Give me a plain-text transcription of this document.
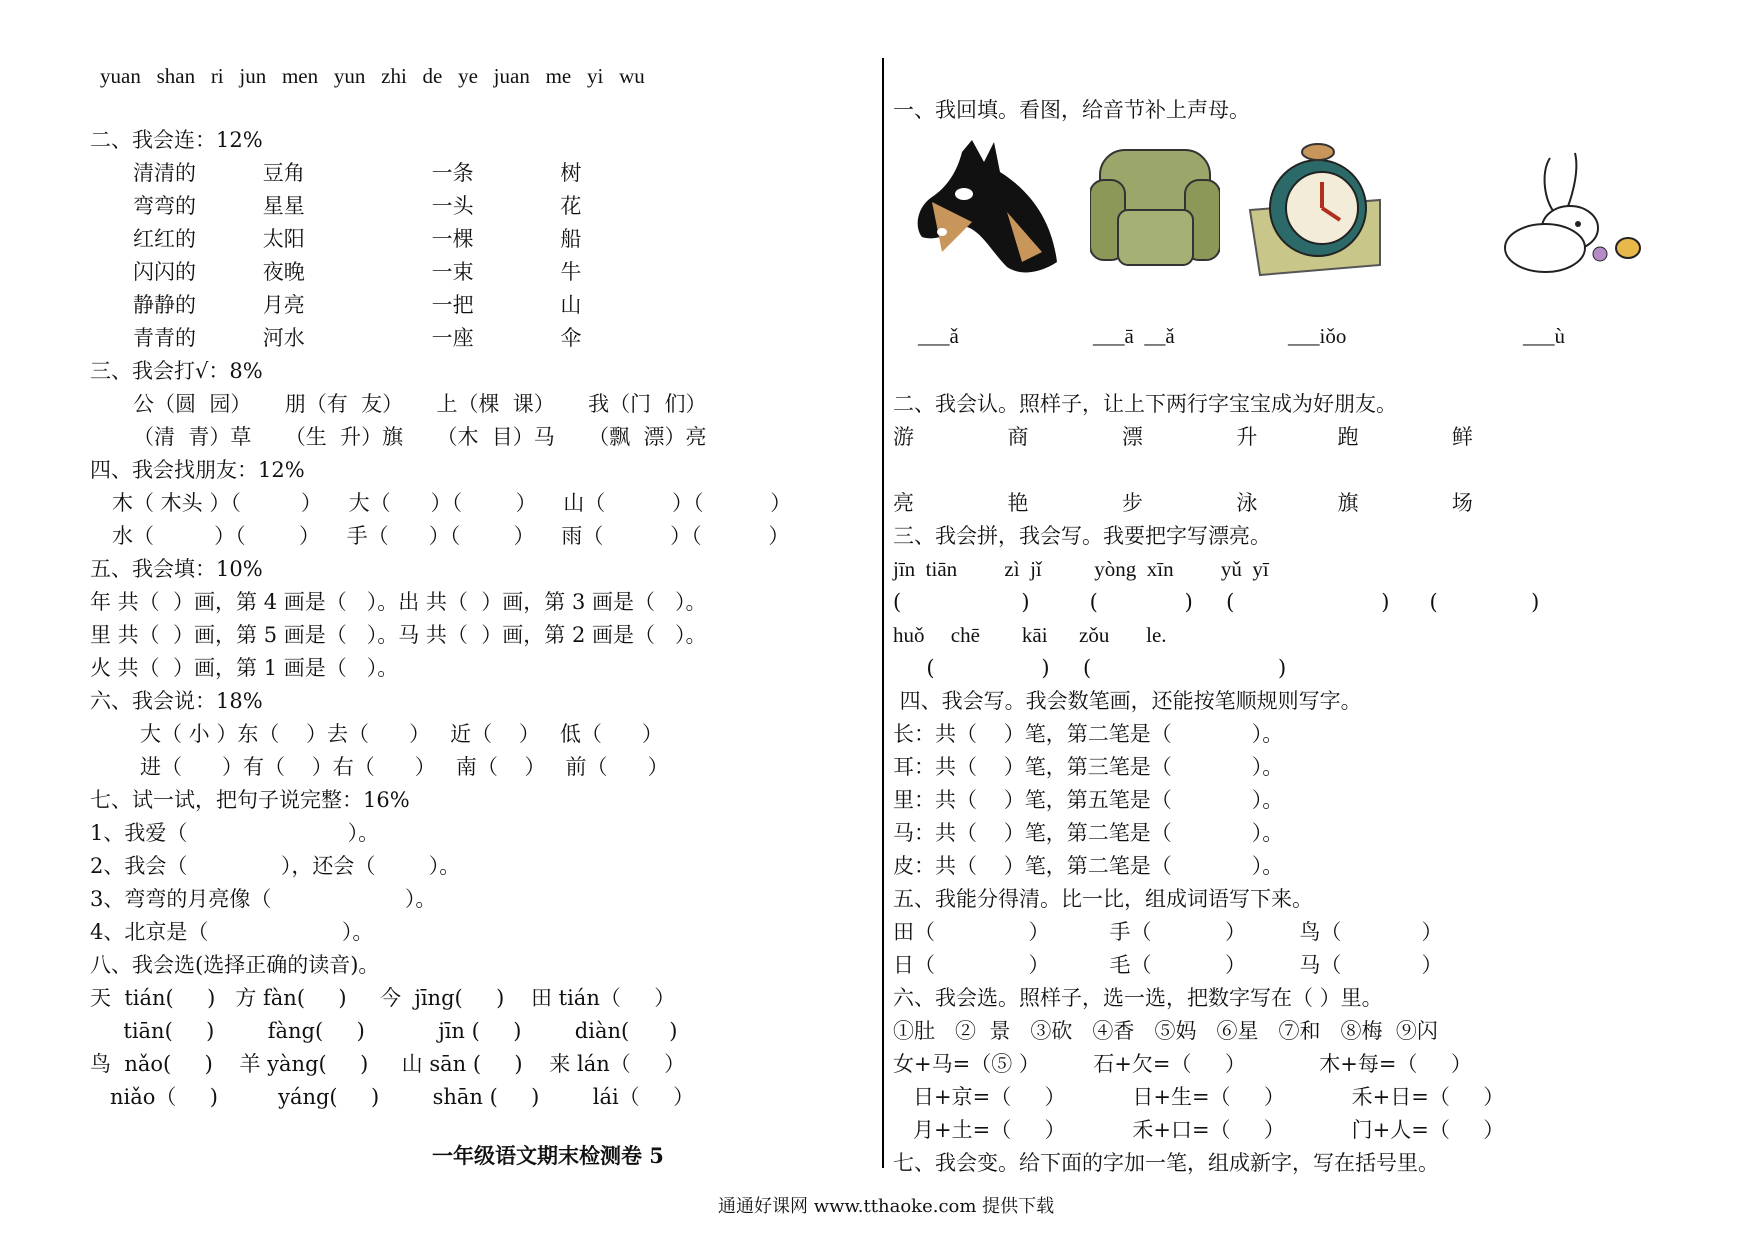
yuan   shan   ri   jun   men   yun   zhi   de   ye   juan   me   yi   wu
二、我会连：12%
清清的          豆角                   一条             树
弯弯的          星星                   一头             花
红红的          太阳                   一棵             船
闪闪的          夜晚                   一束             牛
静静的          月亮                   一把             山
青青的          河水                   一座             伞
三、我会打√：8%
公（圆  园）     朋（有  友）     上（棵  课）     我（门  们）
（清  青）草     （生  升）旗     （木  目）马     （飘  漂）亮
四、我会找朋友：12%
木（ 木头 ）（         ）    大（      ）（        ）    山（          ）（          ）
水（         ）（        ）    手（      ）（        ）    雨（          ）（          ）
五、我会填：10%
年 共（  ）画，第 4 画是（   ）。出 共（  ）画，第 3 画是（   ）。
里 共（  ）画，第 5 画是（   ）。马 共（  ）画，第 2 画是（   ）。
火 共（  ）画，第 1 画是（   ）。
六、我会说：18%
大（ 小 ）东（    ）去（      ）   近（    ）   低（      ）
进（      ）有（    ）右（      ）   南（    ）   前（      ）
七、试一试，把句子说完整：16%
1、我爱（                        ）。
2、我会（              ），还会（        ）。
3、弯弯的月亮像（                    ）。
4、北京是（                    ）。
八、我会选(选择正确的读音)。
天  tián(     )   方 fàn(     )     今  jīng(     )    田 tián（     ）
tiān(     )        fàng(     )           jīn (     )        diàn(      )
鸟  nǎo(     )    羊 yàng(     )     山 sān (     )    来 lán（     ）
niǎo（     )         yáng(     )        shān (     )        lái（     ）
一年级语文期末检测卷 5
一、我回填。看图，给音节补上声母。
___ǎ	___ā  __ǎ	___iǒo	___ù
二、我会认。照样子，让上下两行字宝宝成为好朋友。
游              商              漂              升            跑              鲜
亮              艳              步              泳            旗              场
三、我会拼，我会写。我要把字写漂亮。
jīn  tiān         zì  jǐ          yòng  xīn         yǔ  yī
(                  )         (             )     (                      )      (              )
huǒ     chē        kāi      zǒu       le.
(                )     (                            )
四、我会写。我会数笔画，还能按笔顺规则写字。
长：共（    ）笔，第二笔是（            ）。
耳：共（    ）笔，第三笔是（            ）。
里：共（    ）笔，第五笔是（            ）。
马：共（    ）笔，第二笔是（            ）。
皮：共（    ）笔，第二笔是（            ）。
五、我能分得清。比一比，组成词语写下来。
田（              ）         手（           ）        鸟（            ）
日（              ）         毛（           ）        马（            ）
六、我会选。照样子，选一选，把数字写在（ ）里。
①肚   ②  景   ③砍   ④香   ⑤妈   ⑥星   ⑦和   ⑧梅  ⑨闪
女+马=（⑤ ）        石+欠=（     ）           木+每=（     ）
日+京=（     ）          日+生=（     ）          禾+日=（     ）
月+土=（     ）          禾+口=（     ）          门+人=（     ）
七、我会变。给下面的字加一笔，组成新字，写在括号里。
通通好课网 www.tthaoke.com 提供下载
